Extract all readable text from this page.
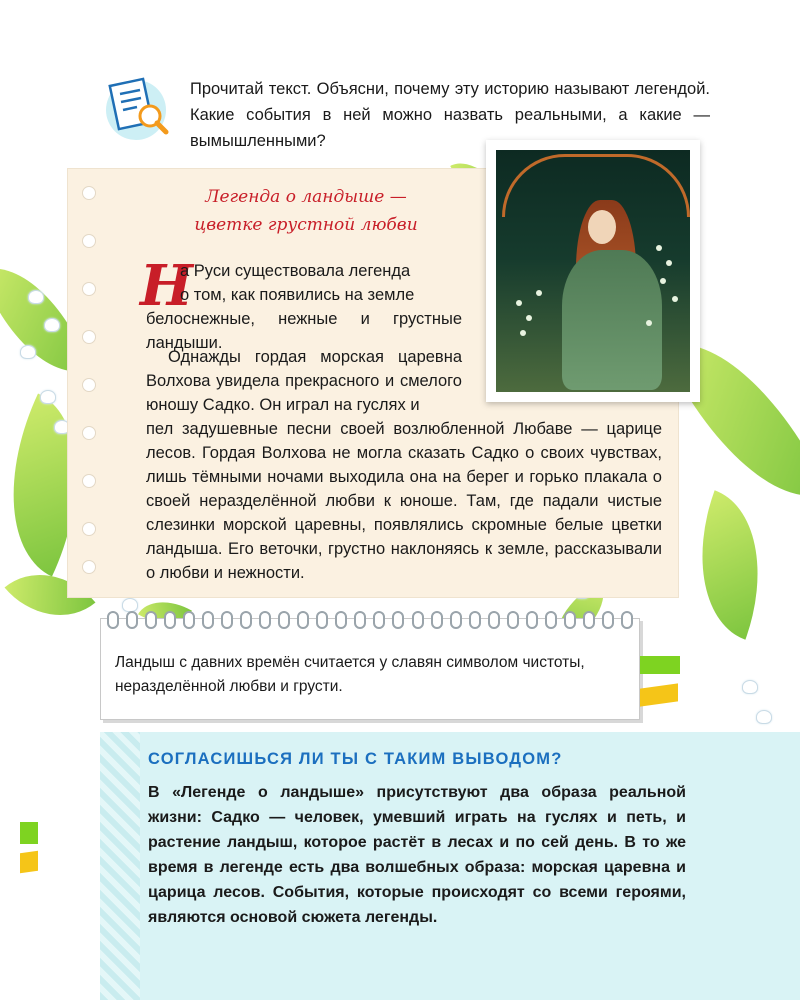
Прочитай текст. Объясни, почему эту историю называют легендой. Какие события в ней можно назвать реальными, а какие — вымышленными?
Легенда о ландыше —
цветке грустной любви
Н
а Руси существовала легенда
о том, как появились на земле
белоснежные, нежные и грустные ландыши.
Однажды гордая морская царевна Волхова увидела прекрасного и смелого юношу Садко. Он играл на гуслях и
пел задушевные песни своей возлюбленной Любаве — царице лесов. Гордая Волхова не могла сказать Садко о своих чувствах, лишь тёмными ночами выходила она на берег и горько плакала о своей неразделённой любви к юноше. Там, где падали чистые слезинки морской царевны, появлялись скромные белые цветки ландыша. Его веточки, грустно наклоняясь к земле, рассказывали о любви и нежности.
Ландыш с давних времён считается у славян символом чистоты,
неразделённой любви и грусти.
СОГЛАСИШЬСЯ ЛИ ТЫ С ТАКИМ ВЫВОДОМ?
В «Легенде о ландыше» присутствуют два образа реальной жизни: Садко — человек, умевший играть на гуслях и петь, и растение ландыш, которое растёт в лесах и по сей день. В то же время в легенде есть два волшебных образа: морская царевна и царица лесов. События, которые происходят со всеми героями, являются основой сюжета легенды.
